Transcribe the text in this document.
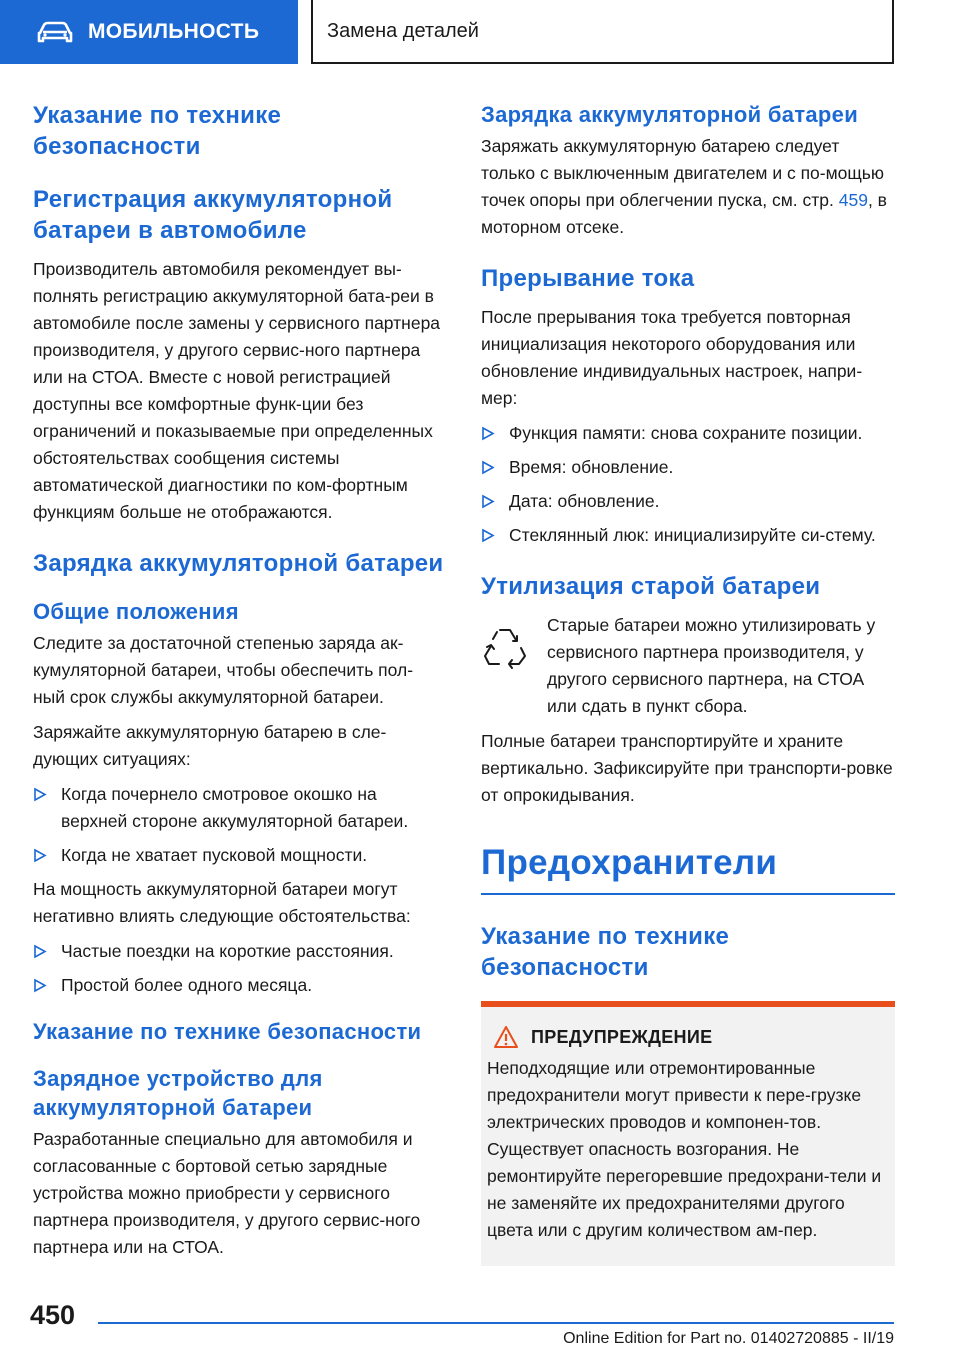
МОБИЛЬНОСТЬ	Замена деталей
Указание по технике безопасности
Регистрация аккумуляторной батареи в автомобиле

Производитель автомобиля рекомендует вы-полнять регистрацию аккумуляторной бата-реи в автомобиле после замены у сервисного партнера производителя, у другого сервис-ного партнера или на СТОА. Вместе с новой регистрацией доступны все комфортные функ-ции без ограничений и показываемые при определенных обстоятельствах сообщения системы автоматической диагностики по ком-фортным функциям больше не отображаются.

Зарядка аккумуляторной батареи
Общие положения

Следите за достаточной степенью заряда ак-кумуляторной батареи, чтобы обеспечить пол-ный срок службы аккумуляторной батареи.

Заряжайте аккумуляторную батарею в сле-дующих ситуациях:

Когда почернело смотровое окошко на верхней стороне аккумуляторной батареи.
Когда не хватает пусковой мощности.

На мощность аккумуляторной батареи могут негативно влиять следующие обстоятельства:

Частые поездки на короткие расстояния.
Простой более одного месяца.
Указание по технике безопасности
Зарядное устройство для аккумуляторной батареи

Разработанные специально для автомобиля и согласованные с бортовой сетью зарядные устройства можно приобрести у сервисного партнера производителя, у другого сервис-ного партнера или на СТОА.

Зарядка аккумуляторной батареи

Заряжать аккумуляторную батарею следует только с выключенным двигателем и с по-мощью точек опоры при облегчении пуска, см. стр. 459, в моторном отсеке.

Прерывание тока

После прерывания тока требуется повторная инициализация некоторого оборудования или обновление индивидуальных настроек, напри-мер:

Функция памяти: снова сохраните позиции.
Время: обновление.
Дата: обновление.
Стеклянный люк: инициализируйте си-стему.
Утилизация старой батареи

Старые батареи можно утилизировать у сервисного партнера производителя, у другого сервисного партнера, на СТОА или сдать в пункт сбора.

Полные батареи транспортируйте и храните вертикально. Зафиксируйте при транспорти-ровке от опрокидывания.

Предохранители
Указание по технике безопасности
ПРЕДУПРЕЖДЕНИЕ

Неподходящие или отремонтированные предохранители могут привести к пере-грузке электрических проводов и компонен-тов. Существует опасность возгорания. Не ремонтируйте перегоревшие предохрани-тели и не заменяйте их предохранителями другого цвета или с другим количеством ам-пер.

450
Online Edition for Part no. 01402720885 - II/19
